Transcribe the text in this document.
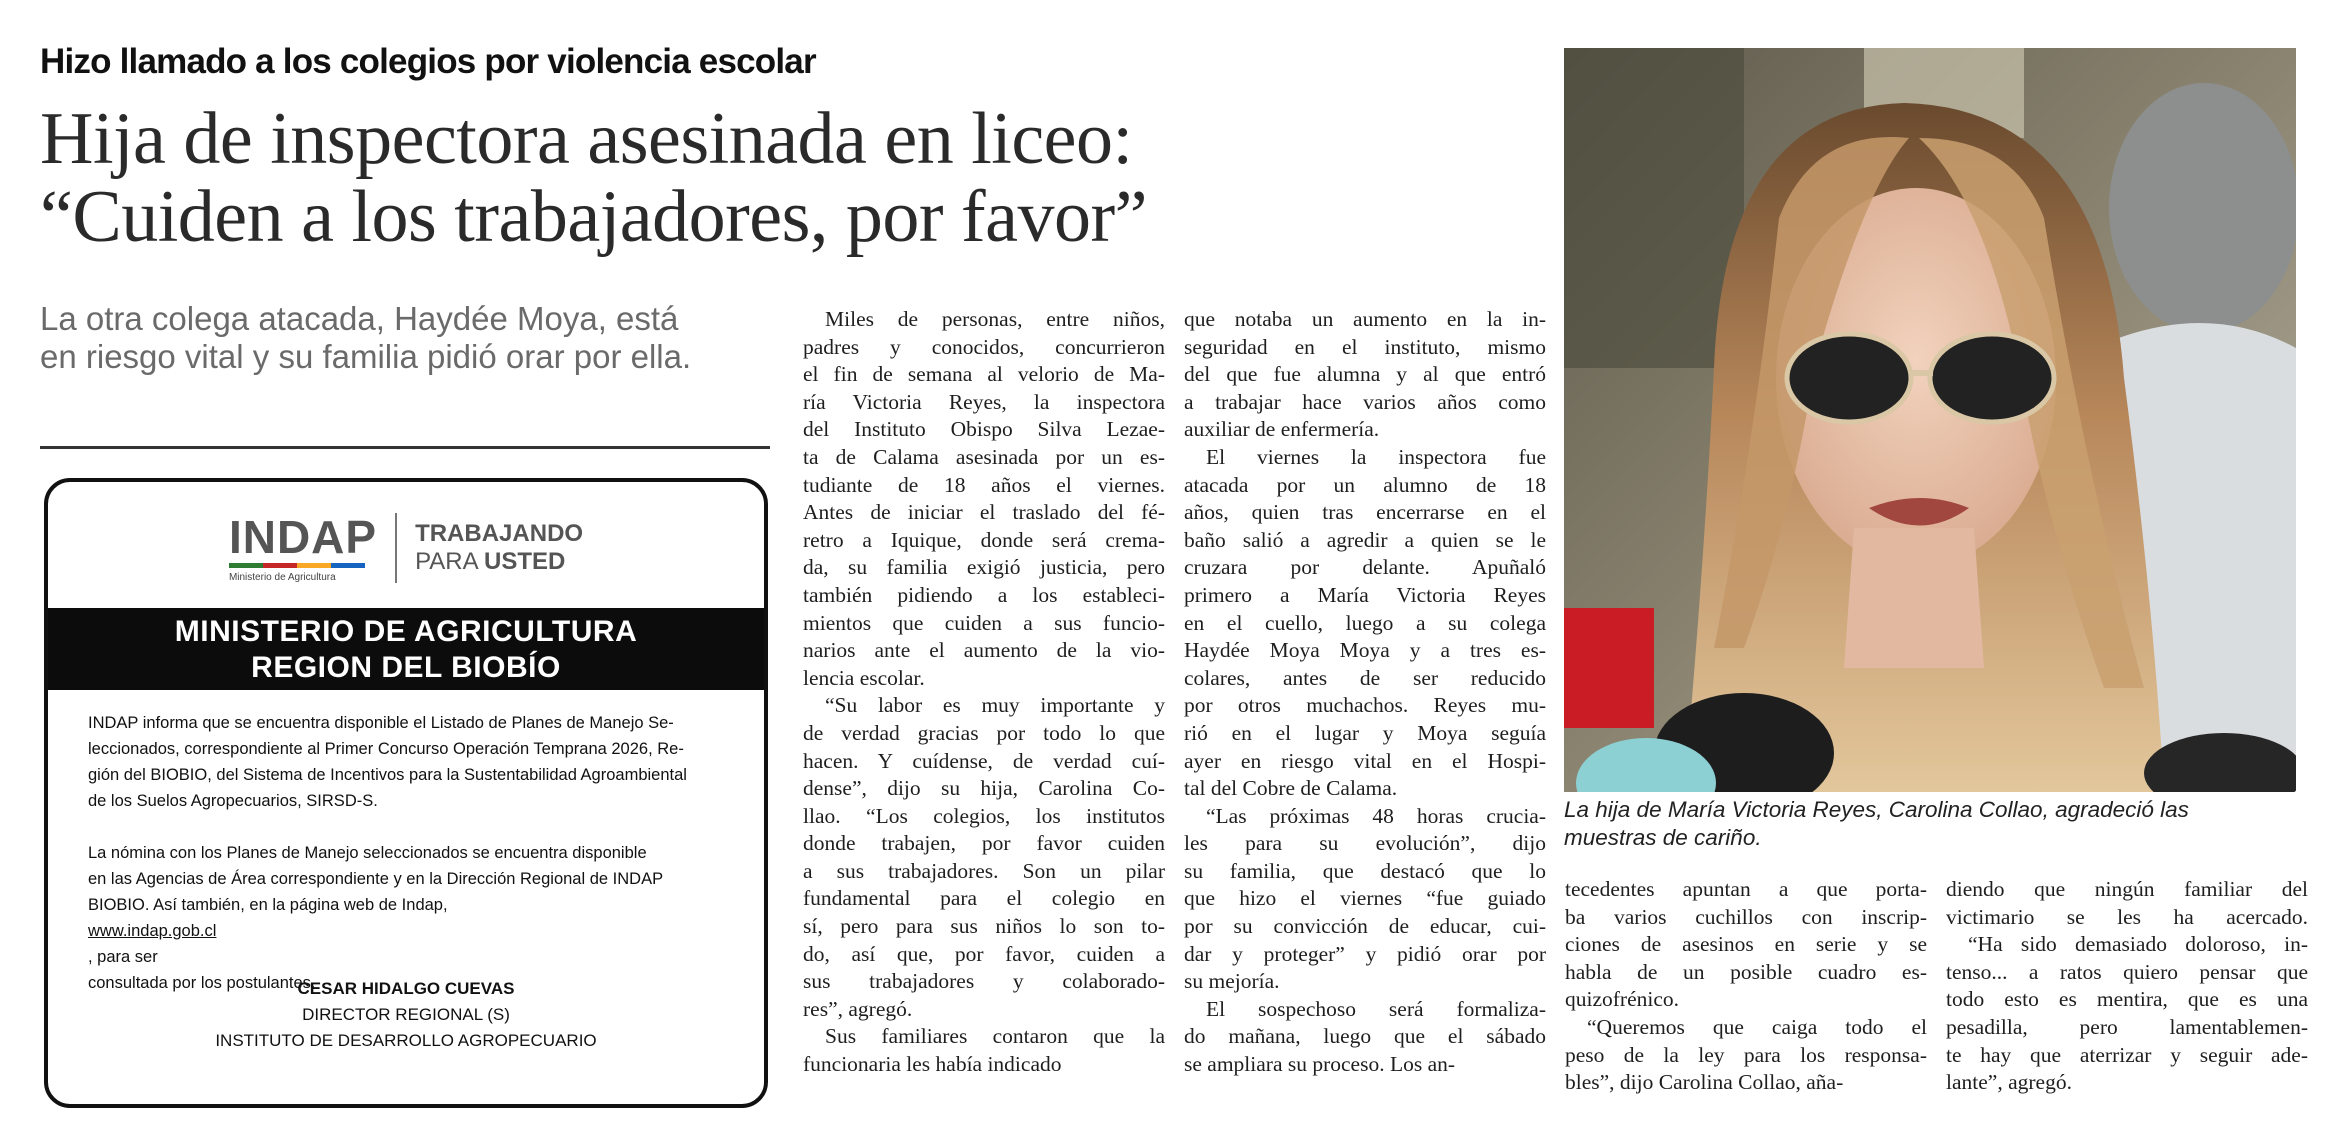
Hizo llamado a los colegios por violencia escolar
Hija de inspectora asesinada en liceo:
“Cuiden a los trabajadores, por favor”

La otra colega atacada, Haydée Moya, está
en riesgo vital y su familia pidió orar por ella.

INDAP
Ministerio de Agricultura
TRABAJANDO
PARA USTED
MINISTERIO DE AGRICULTURA
REGION DEL BIOBÍO

INDAP informa que se encuentra disponible el Listado de Planes de Manejo Se-
leccionados, correspondiente al Primer Concurso Operación Temprana 2026, Re-
gión del BIOBIO, del Sistema de Incentivos para la Sustentabilidad Agroambiental
de los Suelos Agropecuarios, SIRSD-S.

La nómina con los Planes de Manejo seleccionados se encuentra disponible
en las Agencias de Área correspondiente y en la Dirección Regional de INDAP
BIOBIO. Así también, en la página web de Indap,
www.indap.gob.cl
, para ser
consultada por los postulantes.

CESAR HIDALGO CUEVAS
DIRECTOR REGIONAL (S)
INSTITUTO DE DESARROLLO AGROPECUARIO
Miles de personas, entre niños,
padres y conocidos, concurrieron
el fin de semana al velorio de Ma-
ría Victoria Reyes, la inspectora
del Instituto Obispo Silva Lezae-
ta de Calama asesinada por un es-
tudiante de 18 años el viernes.
Antes de iniciar el traslado del fé-
retro a Iquique, donde será crema-
da, su familia exigió justicia, pero
también pidiendo a los estableci-
mientos que cuiden a sus funcio-
narios ante el aumento de la vio-
lencia escolar.
“Su labor es muy importante y
de verdad gracias por todo lo que
hacen. Y cuídense, de verdad cuí-
dense”, dijo su hija, Carolina Co-
llao. “Los colegios, los institutos
donde trabajen, por favor cuiden
a sus trabajadores. Son un pilar
fundamental para el colegio en
sí, pero para sus niños lo son to-
do, así que, por favor, cuiden a
sus trabajadores y colaborado-
res”, agregó.
Sus familiares contaron que la
funcionaria les había indicado
que notaba un aumento en la in-
seguridad en el instituto, mismo
del que fue alumna y al que entró
a trabajar hace varios años como
auxiliar de enfermería.
El viernes la inspectora fue
atacada por un alumno de 18
años, quien tras encerrarse en el
baño salió a agredir a quien se le
cruzara por delante. Apuñaló
primero a María Victoria Reyes
en el cuello, luego a su colega
Haydée Moya Moya y a tres es-
colares, antes de ser reducido
por otros muchachos. Reyes mu-
rió en el lugar y Moya seguía
ayer en riesgo vital en el Hospi-
tal del Cobre de Calama.
“Las próximas 48 horas crucia-
les para su evolución”, dijo
su familia, que destacó que lo
que hizo el viernes “fue guiado
por su convicción de educar, cui-
dar y proteger” y pidió orar por
su mejoría.
El sospechoso será formaliza-
do mañana, luego que el sábado
se ampliara su proceso. Los an-
tecedentes apuntan a que porta-
ba varios cuchillos con inscrip-
ciones de asesinos en serie y se
habla de un posible cuadro es-
quizofrénico.
“Queremos que caiga todo el
peso de la ley para los responsa-
bles”, dijo Carolina Collao, aña-
diendo que ningún familiar del
victimario se les ha acercado.
“Ha sido demasiado doloroso, in-
tenso... a ratos quiero pensar que
todo esto es mentira, que es una
pesadilla, pero lamentablemen-
te hay que aterrizar y seguir ade-
lante”, agregó.
La hija de María Victoria Reyes, Carolina Collao, agradeció las
muestras de cariño.
